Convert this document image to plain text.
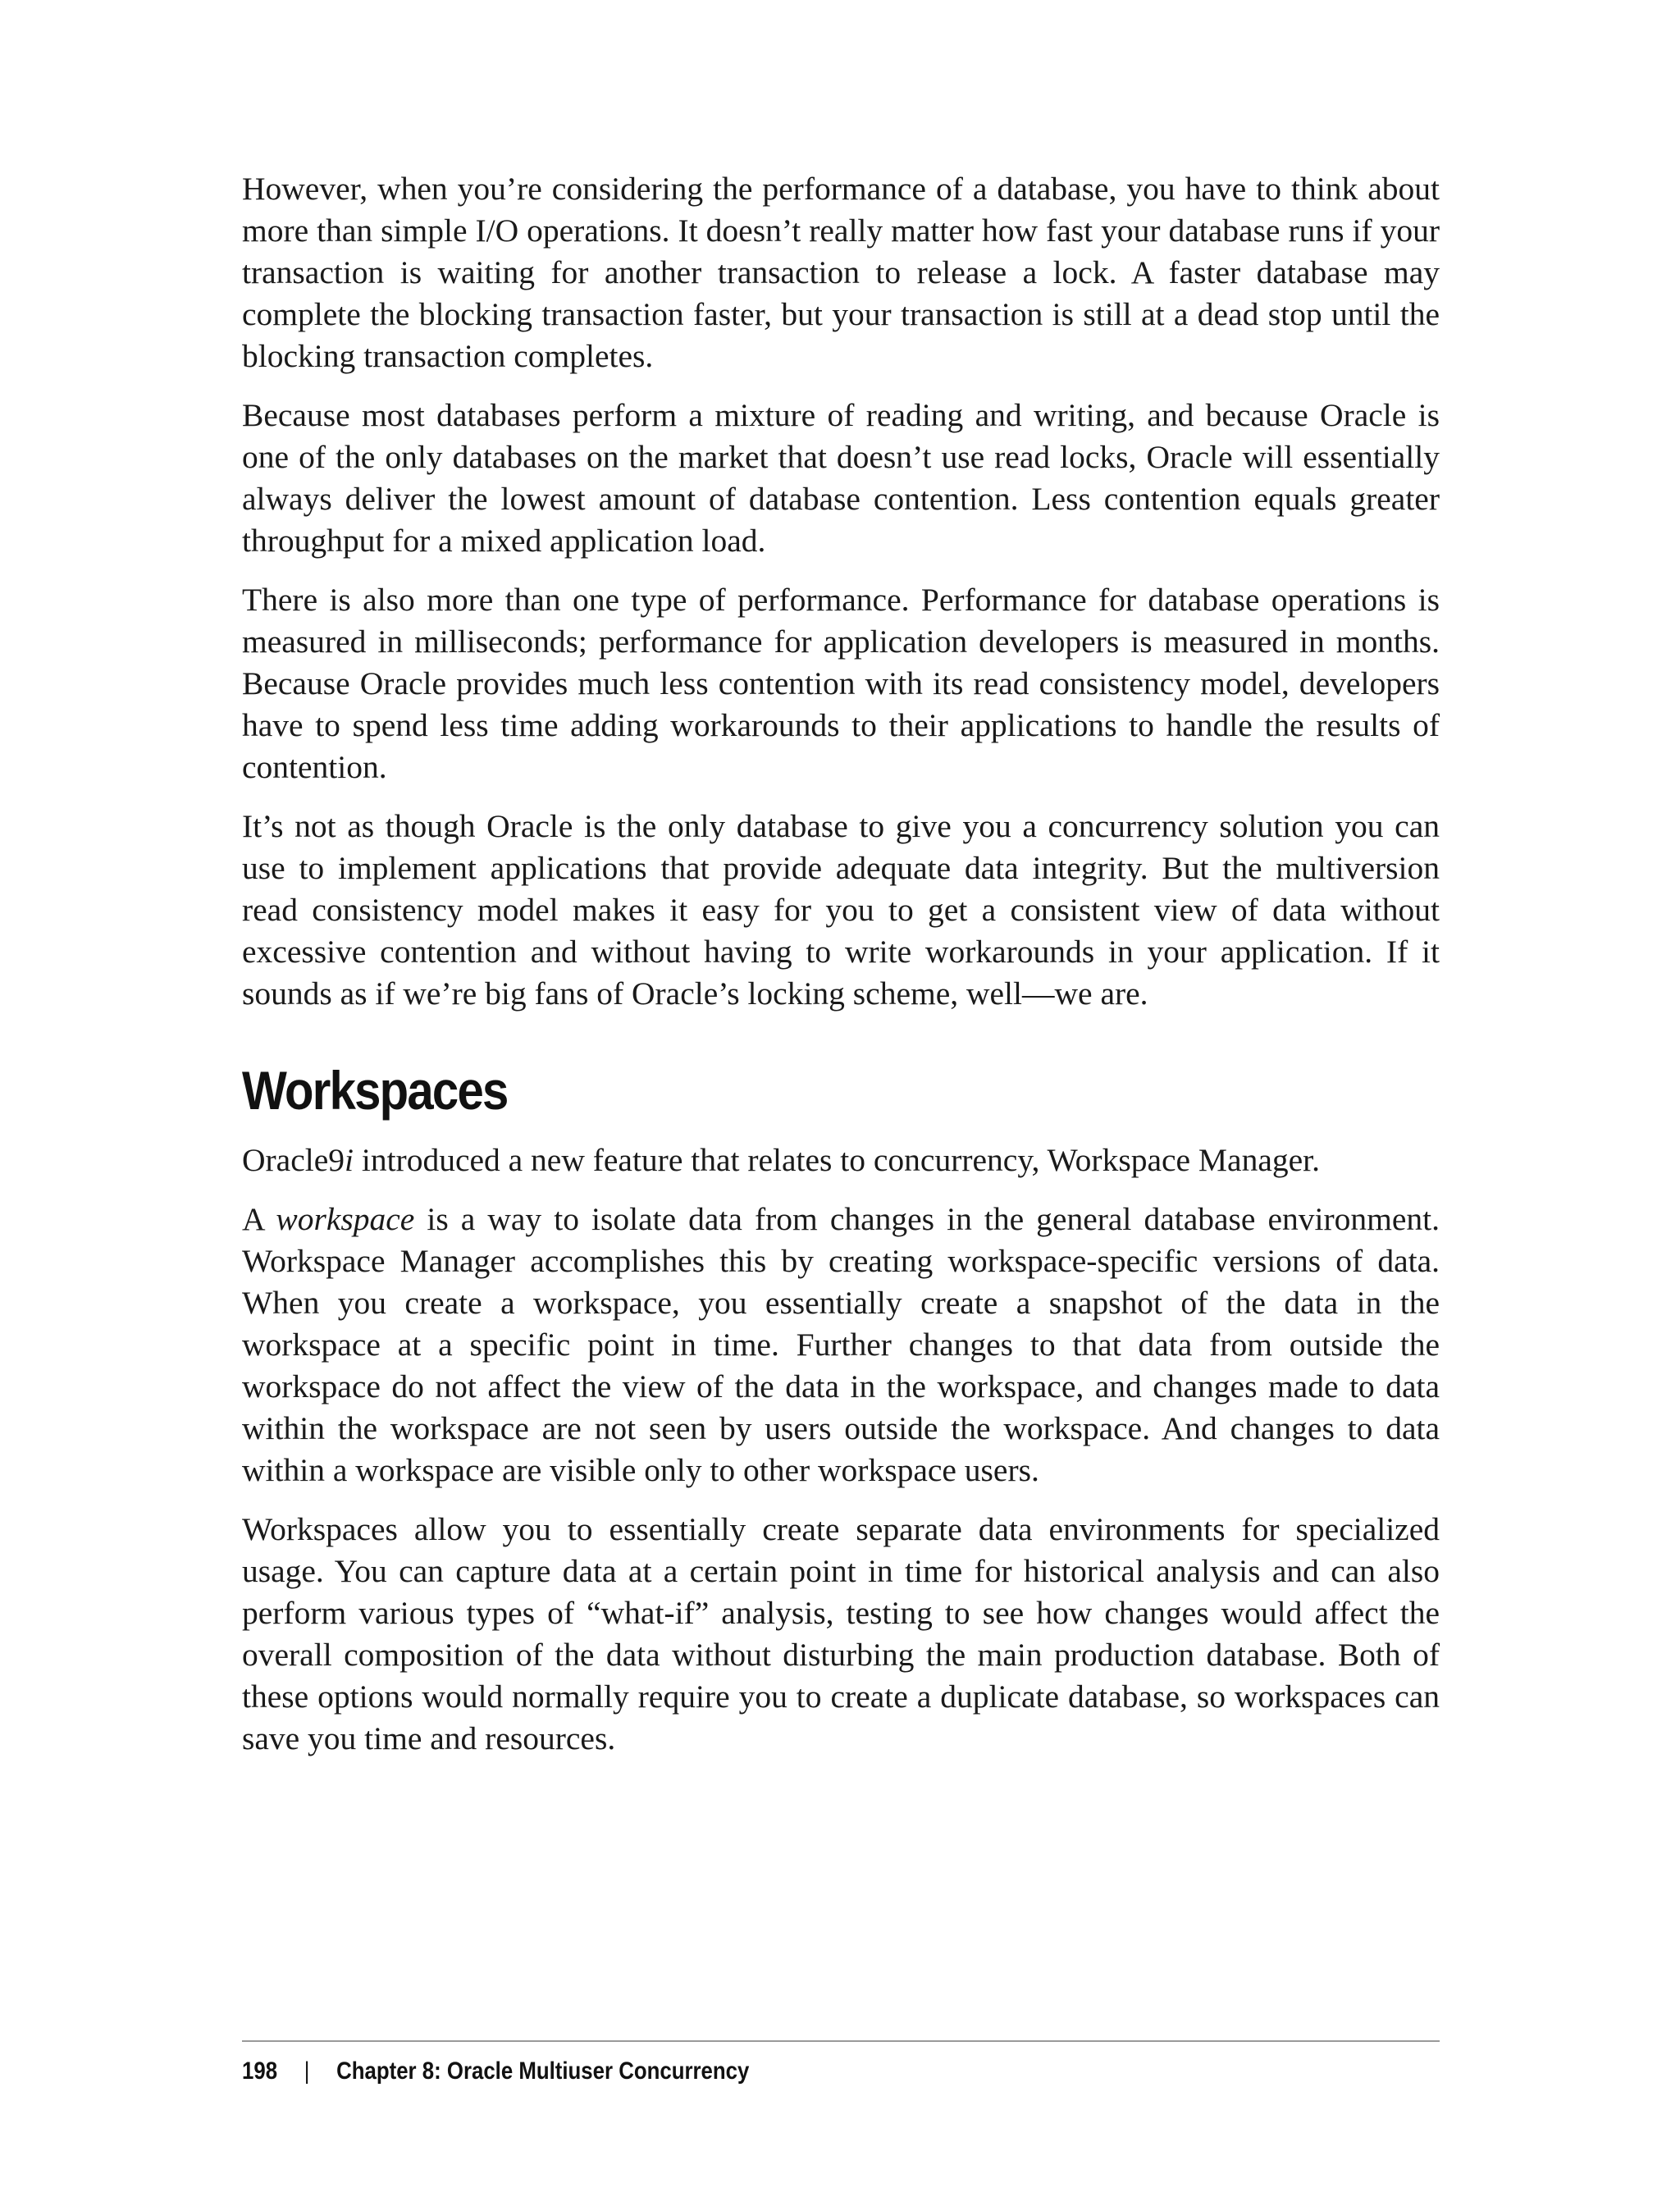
However, when you’re considering the performance of a database, you have to think about more than simple I/O operations. It doesn’t really matter how fast your database runs if your transaction is waiting for another transaction to release a lock. A faster database may complete the blocking transaction faster, but your transaction is still at a dead stop until the blocking transaction completes.

Because most databases perform a mixture of reading and writing, and because Oracle is one of the only databases on the market that doesn’t use read locks, Oracle will essentially always deliver the lowest amount of database contention. Less contention equals greater throughput for a mixed application load.

There is also more than one type of performance. Performance for database operations is measured in milliseconds; performance for application developers is measured in months. Because Oracle provides much less contention with its read consistency model, developers have to spend less time adding workarounds to their applications to handle the results of contention.

It’s not as though Oracle is the only database to give you a concurrency solution you can use to implement applications that provide adequate data integrity. But the multiversion read consistency model makes it easy for you to get a consistent view of data without excessive contention and without having to write workarounds in your application. If it sounds as if we’re big fans of Oracle’s locking scheme, well—we are.

Workspaces

Oracle9i introduced a new feature that relates to concurrency, Workspace Manager.

A workspace is a way to isolate data from changes in the general database environment. Workspace Manager accomplishes this by creating workspace-specific versions of data. When you create a workspace, you essentially create a snapshot of the data in the workspace at a specific point in time. Further changes to that data from outside the workspace do not affect the view of the data in the workspace, and changes made to data within the workspace are not seen by users outside the workspace. And changes to data within a workspace are visible only to other workspace users.

Workspaces allow you to essentially create separate data environments for specialized usage. You can capture data at a certain point in time for historical analysis and can also perform various types of “what-if” analysis, testing to see how changes would affect the overall composition of the data without disturbing the main production database. Both of these options would normally require you to create a duplicate database, so workspaces can save you time and resources.

198 | Chapter 8: Oracle Multiuser Concurrency
